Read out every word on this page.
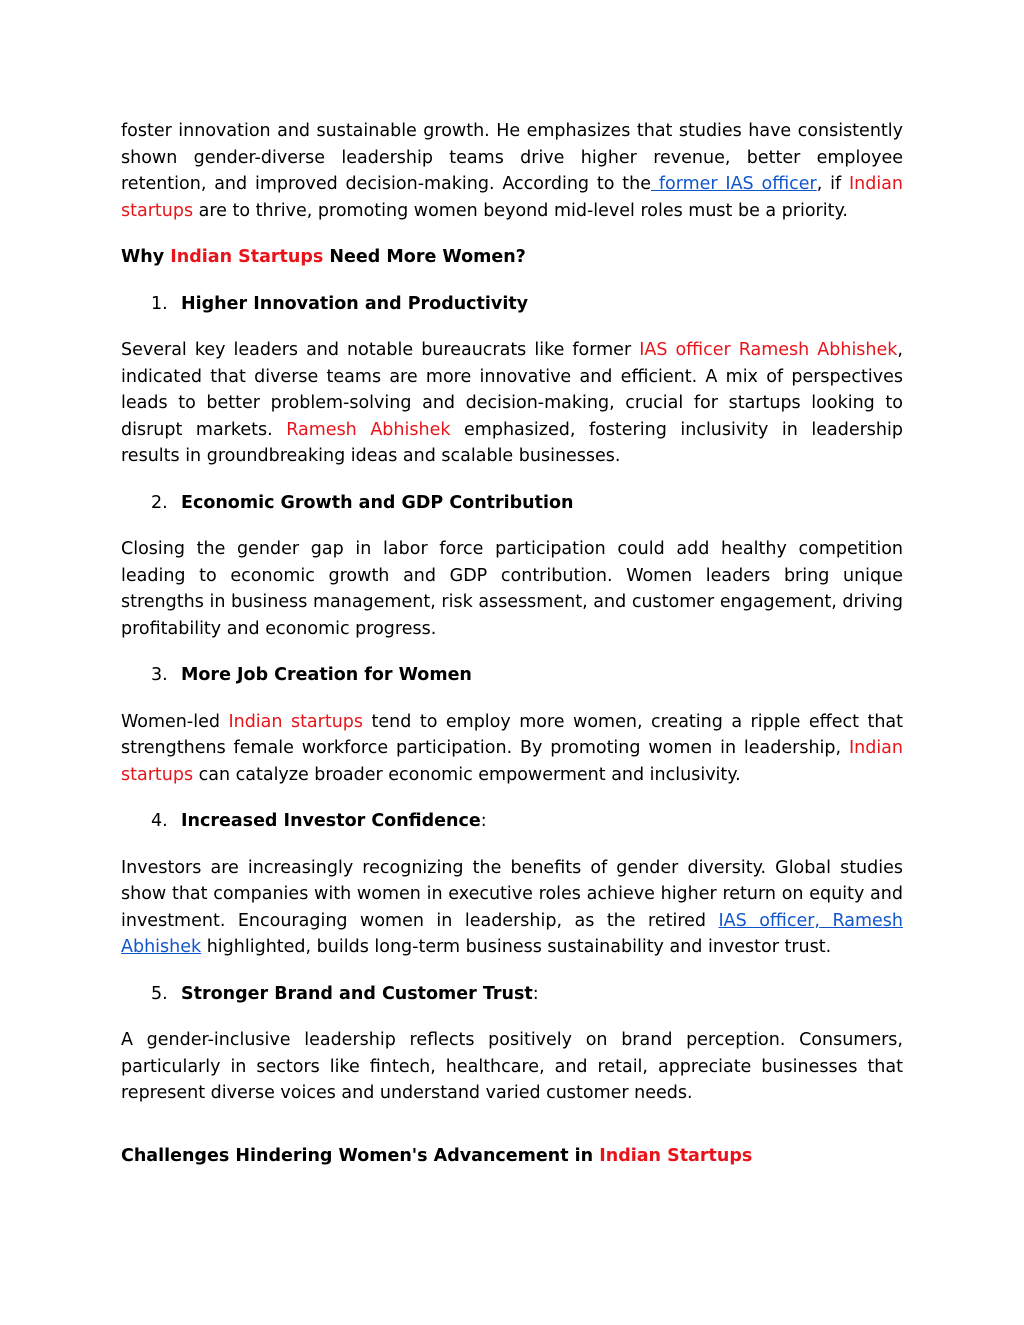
foster innovation and sustainable growth. He emphasizes that studies have consistently shown gender-diverse leadership teams drive higher revenue, better employee retention, and improved decision-making. According to the former IAS officer, if Indian startups are to thrive, promoting women beyond mid-level roles must be a priority.

Why Indian Startups Need More Women?

1. Higher Innovation and Productivity

Several key leaders and notable bureaucrats like former IAS officer Ramesh Abhishek, indicated that diverse teams are more innovative and efficient. A mix of perspectives leads to better problem-solving and decision-making, crucial for startups looking to disrupt markets. Ramesh Abhishek emphasized, fostering inclusivity in leadership results in groundbreaking ideas and scalable businesses.

2. Economic Growth and GDP Contribution

Closing the gender gap in labor force participation could add healthy competition leading to economic growth and GDP contribution. Women leaders bring unique strengths in business management, risk assessment, and customer engagement, driving profitability and economic progress.

3. More Job Creation for Women

Women-led Indian startups tend to employ more women, creating a ripple effect that strengthens female workforce participation. By promoting women in leadership, Indian startups can catalyze broader economic empowerment and inclusivity.

4. Increased Investor Confidence:

Investors are increasingly recognizing the benefits of gender diversity. Global studies show that companies with women in executive roles achieve higher return on equity and investment. Encouraging women in leadership, as the retired IAS officer, Ramesh Abhishek highlighted, builds long-term business sustainability and investor trust.

5. Stronger Brand and Customer Trust:

A gender-inclusive leadership reflects positively on brand perception. Consumers, particularly in sectors like fintech, healthcare, and retail, appreciate businesses that represent diverse voices and understand varied customer needs.

Challenges Hindering Women's Advancement in Indian Startups
